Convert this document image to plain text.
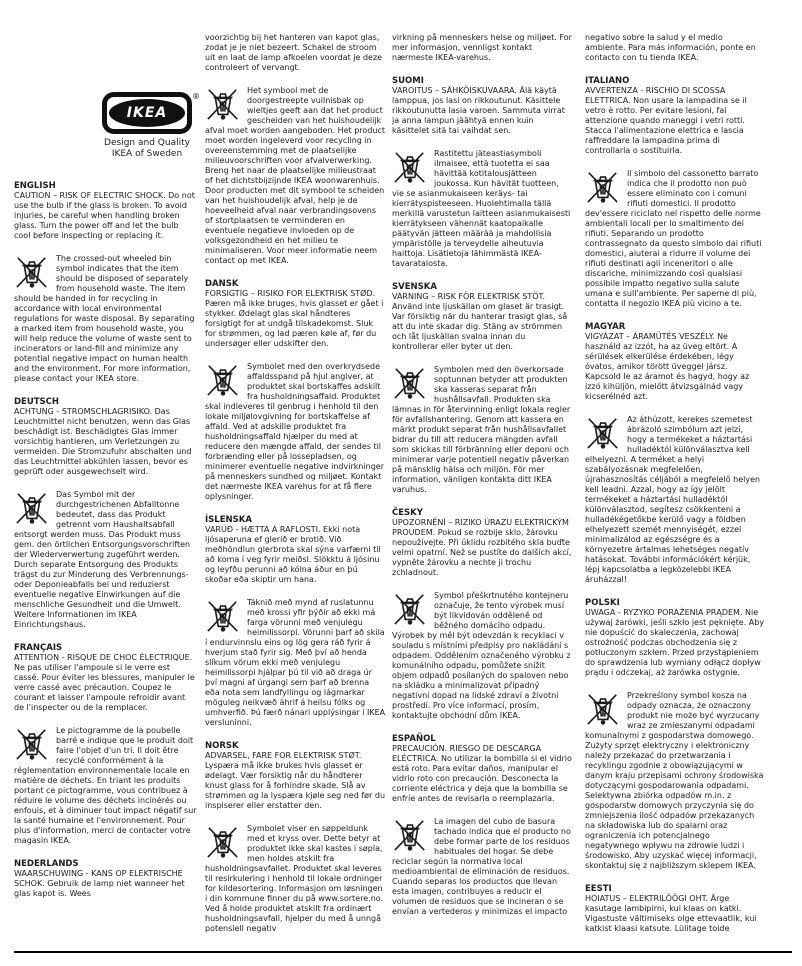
IKEA
®
Design and Quality
IKEA of Sweden
ENGLISH
CAUTION – RISK OF ELECTRIC SHOCK. Do not use the bulb if the glass is broken. To avoid injuries, be careful when handling broken glass. Turn the power off and let the bulb cool before inspecting or replacing it.
The crossed-out wheeled bin symbol indicates that the item should be disposed of separately from household waste. The item should be handed in for recycling in accordance with local environmental regulations for waste disposal. By separating a marked item from household waste, you will help reduce the volume of waste sent to incinerators or land-fill and minimize any potential negative impact on human health and the environment. For more information, please contact your IKEA store.
DEUTSCH
ACHTUNG - STROMSCHLAGRISIKO. Das Leuchtmittel nicht benutzen, wenn das Glas beschädigt ist. Beschädigtes Glas immer vorsichtig hantieren, um Verletzungen zu vermeiden. Die Stromzufuhr abschalten und das Leuchtmittel abkühlen lassen, bevor es geprüft oder ausgewechselt wird.
Das Symbol mit der durchgestrichenen Abfalltonne bedeutet, dass das Produkt getrennt vom Haushaltsabfall entsorgt werden muss. Das Produkt muss gem. den örtlichen Entsorgungsvorschriften der Wiederverwertung zugeführt werden. Durch separate Entsorgung des Produkts trägst du zur Minderung des Verbrennungs- oder Deponieabfalls bei und reduzierst eventuelle negative Einwirkungen auf die menschliche Gesundheit und die Umwelt. Weitere Informationen im IKEA Einrichtungshaus.
FRANÇAIS
ATTENTION - RISQUE DE CHOC ÉLECTRIQUE. Ne pas utiliser l'ampoule si le verre est cassé. Pour éviter les blessures, manipuler le verre cassé avec précaution. Coupez le courant et laisser l'ampoule refroidir avant de l'inspecter ou de la remplacer.
Le pictogramme de la poubelle barré e indique que le produit doit faire l'objet d'un tri. Il doit être recyclé conformément à la réglementation environnementale locale en matière de déchets. En triant les produits portant ce pictogramme, vous contribuez à réduire le volume des déchets incinérés ou enfouis, et à diminuer tout impact négatif sur la santé humaine et l'environnement. Pour plus d'information, merci de contacter votre magasin IKEA.
NEDERLANDS
WAARSCHUWING - KANS OP ELEKTRISCHE SCHOK. Gebruik de lamp niet wanneer het glas kapot is. Wees
voorzichtig bij het hanteren van kapot glas, zodat je je niet bezeert. Schakel de stroom uit en laat de lamp afkoelen voordat je deze controleert of vervangt.
Het symbool met de doorgestreepte vuilnisbak op wieltjes geeft aan dat het product gescheiden van het huishoudelijk afval moet worden aangeboden. Het product moet worden ingeleverd voor recycling in overeenstemming met de plaatselijke milieuvoorschriften voor afvalverwerking. Breng het naar de plaatselijke milieustraat of het dichtstbijzijnde IKEA woonwarenhuis. Door producten met dit symbool te scheiden van het huishoudelijk afval, help je de hoeveelheid afval naar verbrandingsovens of stortplaatsen te verminderen en eventuele negatieve invloeden op de volksgezondheid en het milieu te minimaliseren. Voor meer informatie neem contact op met IKEA.
DANSK
FORSIGTIG – RISIKO FOR ELEKTRISK STØD. Pæren må ikke bruges, hvis glasset er gået i stykker. Ødelagt glas skal håndteres forsigtigt for at undgå tilskadekomst. Sluk for strømmen, og lad pæren køle af, før du undersøger eller udskifter den.
Symbolet med den overkrydsede affaldsspand på hjul angiver, at produktet skal bortskaffes adskilt fra husholdningsaffald. Produktet skal indleveres til genbrug i henhold til den lokale miljølovgivning for bortskaffelse af affald. Ved at adskille produktet fra husholdningsaffald hjælper du med at reducere den mængde affald, der sendes til forbrænding eller på lossepladsen, og minimerer eventuelle negative indvirkninger på menneskers sundhed og miljøet. Kontakt det nærmeste IKEA varehus for at få flere oplysninger.
ÍSLENSKA
VARÚÐ - HÆTTA Á RAFLOSTI. Ekki nota ljósaperuna ef glerið er brotið. Við meðhöndlun glerbrota skal sýna varfærni til að koma í veg fyrir meiðsl. Slökktu á ljósinu og leyfðu perunni að kólna áður en þú skoðar eða skiptir um hana.
Táknið með mynd af ruslatunnu með krossi yfir þýðir að ekki má farga vörunni með venjulegu heimilissorpi. Vörunni þarf að skila í endurvinnslu eins og lög gera ráð fyrir á hverjum stað fyrir sig. Með því að henda slíkum vörum ekki með venjulegu heimilissorpi hjálpar þú til við að draga úr því magni af úrgangi sem þarf að brenna eða nota sem landfyllingu og lágmarkar möguleg neikvæð áhrif á heilsu fólks og umhverfið. Þú færð nánari upplýsingar í IKEA versluninni.
NORSK
ADVARSEL, FARE FOR ELEKTRISK STØT. Lyspæra må ikke brukes hvis glasset er ødelagt. Vær forsiktig når du håndterer knust glass for å forhindre skade. Slå av strømmen og la lyspæra kjøle seg ned før du inspiserer eller erstatter den.
Symbolet viser en søppeldunk med et kryss over. Dette betyr at produktet ikke skal kastes i søpla, men holdes atskilt fra husholdningsavfallet. Produktet skal leveres til resirkulering i henhold til lokale ordninger for kildesortering. Informasjon om løsningen i din kommune finner du på www.sortere.no. Ved å holde produktet atskilt fra ordinært husholdningsavfall, hjelper du med å unngå potensiell negativ
virkning på menneskers helse og miljøet. For mer informasjon, vennligst kontakt nærmeste IKEA-varehus.
SUOMI
VAROITUS – SÄHKÖISKUVAARA. Älä käytä lamppua, jos lasi on rikkoutunut. Käsittele rikkoutunutta lasia varoen. Sammuta virrat ja anna lampun jäähtyä ennen kuin käsittelet sitä tai vaihdat sen.
Rastitettu jäteastiasymboli ilmaisee, että tuotetta ei saa hävittää kotitalousjätteen joukossa. Kun hävität tuotteen, vie se asianmukaiseen keräys- tai kierrätyspisteeseen. Huolehtimalla tällä merkillä varustetun laitteen asianmukaisesti kierrätykseen vähennät kaatopaikalle päätyvän jätteen määrää ja mahdollisia ympäristölle ja terveydelle aiheutuvia haittoja. Lisätietoja lähimmästä IKEA-tavaratalosta.
SVENSKA
VARNING – RISK FÖR ELEKTRISK STÖT. Använd inte ljuskällan om glaset är trasigt. Var försiktig när du hanterar trasigt glas, så att du inte skadar dig. Stäng av strömmen och låt ljuskällan svalna innan du kontrollerar eller byter ut den.
Symbolen med den överkorsade soptunnan betyder att produkten ska kasseras separat från hushållsavfall. Produkten ska lämnas in för återvinning enligt lokala regler för avfallshantering. Genom att kassera en märkt produkt separat från hushållsavfallet bidrar du till att reducera mängden avfall som skickas till förbränning eller deponi och minimerar varje potentiell negativ påverkan på mänsklig hälsa och miljön. För mer information, vänligen kontakta ditt IKEA varuhus.
ČESKY
UPOZORNĚNÍ – RIZIKO ÚRAZU ELEKTRICKÝM PROUDEM. Pokud se rozbije sklo, žárovku nepoužívejte. Při úklidu rozbitého skla buďte velmi opatrní. Než se pustíte do dalších akcí, vypněte žárovku a nechte ji trochu zchladnout.
Symbol přeškrtnutého kontejneru označuje, že tento výrobek musí být likvidován odděleně od běžného domácího odpadu. Výrobek by měl být odevzdán k recyklaci v souladu s místními předpisy pro nakládání s odpadem. Oddělením označeného výrobku z komunálního odpadu, pomůžete snížit objem odpadů posílaných do spaloven nebo na skládku a minimalizovat případný negativní dopad na lidské zdraví a životní prostředí. Pro více informací, prosím, kontaktujte obchodní dům IKEA.
ESPAÑOL
PRECAUCIÓN. RIESGO DE DESCARGA ELÉCTRICA. No utilizar la bombilla si el vidrio está roto. Para evitar daños, manipular el vidrio roto con precaución. Desconecta la corriente eléctrica y deja que la bombilla se enfríe antes de revisarla o reemplazarla.
La imagen del cubo de basura tachado indica que el producto no debe formar parte de los residuos habituales del hogar. Se debe reciclar según la normativa local medioambiental de eliminación de residuos. Cuando separas los productos que llevan esta imagen, contribuyes a reducir el volumen de residuos que se incineran o se envían a vertederos y minimizas el impacto
negativo sobre la salud y el medio ambiente. Para más información, ponte en contacto con tu tienda IKEA.
ITALIANO
AVVERTENZA - RISCHIO DI SCOSSA ELETTRICA. Non usare la lampadina se il vetro è rotto. Per evitare lesioni, fai attenzione quando maneggi i vetri rotti. Stacca l'alimentazione elettrica e lascia raffreddare la lampadina prima di controllarla o sostituirla.
Il simbolo del cassonetto barrato indica che il prodotto non può essere eliminato con i comuni rifiuti domestici. Il prodotto dev'essere riciclato nel rispetto delle norme ambientali locali per lo smaltimento dei rifiuti. Separando un prodotto contrassegnato da questo simbolo dai rifiuti domestici, aiuterai a ridurre il volume dei rifiuti destinati agli inceneritori o alle discariche, minimizzando così qualsiasi possibile impatto negativo sulla salute umana e sull'ambiente. Per saperne di più, contatta il negozio IKEA più vicino a te.
MAGYAR
VIGYÁZAT – ÁRAMÜTÉS VESZÉLY. Ne használd az izzót, ha az üveg eltört. A sérülések elkerülése érdekében, légy óvatos, amikor törött üveggel jársz. Kapcsold le az áramot és hagyd, hogy az izzó kihüljön, mielőtt átvizsgálnád vagy kicserélnéd azt.
Az áthúzott, kerekes szemetest ábrázoló szimbólum azt jelzi, hogy a termékeket a háztartási hulladéktól különválasztva kell elhelyezni. A terméket a helyi szabályozásnak megfelelően, újrahasznosítás céljából a megfelelő helyen kell leadni. Azzal, hogy az így jelölt termékeket a háztartási hulladéktól különválasztod, segítesz csökkenteni a hulladékégetőkbe kerülő vagy a földben elhelyezett szemét mennyiségét, ezzel minimalizálod az egészségre és a környezetre ártalmas lehetséges negatív hatásokat. További információkért kérjük, lépj kapcsolatba a legközelebbi IKEA áruházzal!
POLSKI
UWAGA - RYZYKO PORAŻENIA PRĄDEM. Nie używaj żarówki, jeśli szkło jest pęknięte. Aby nie dopuścić do skaleczenia, zachowaj ostrożność podczas obchodzenia się z potłuczonym szkłem. Przed przystąpieniem do sprawdzenia lub wymiany odłącz dopływ prądu i odczekaj, aż żarówka ostygnie.
Przekreślony symbol kosza na odpady oznacza, że oznaczony produkt nie może być wyrzucany wraz ze zmieszanymi odpadami komunalnymi z gospodarstwa domowego. Zużyty sprzęt elektryczny i elektroniczny należy przekazać do przetwarzania i recyklingu zgodnie z obowiązującymi w danym kraju przepisami ochrony środowiska dotyczącymi gospodarowania odpadami. Selektywna zbiórka odpadów m.in. z gospodarstw domowych przyczynia się do zmniejszenia ilość odpadów przekazanych na składowiska lub do spalarni oraz ograniczenia ich potencjalnego negatywnego wpływu na zdrowie ludzi i środowisko. Aby uzyskać więcej informacji, skontaktuj się z najbliższym sklepem IKEA.
EESTI
HOIATUS – ELEKTRILÖÖGI OHT. Ärge kasutage lambipirni, kui klaas on katki. Vigastuste vältimiseks olge ettevaatlik, kui katkist klaasi katsute. Lülitage toide
